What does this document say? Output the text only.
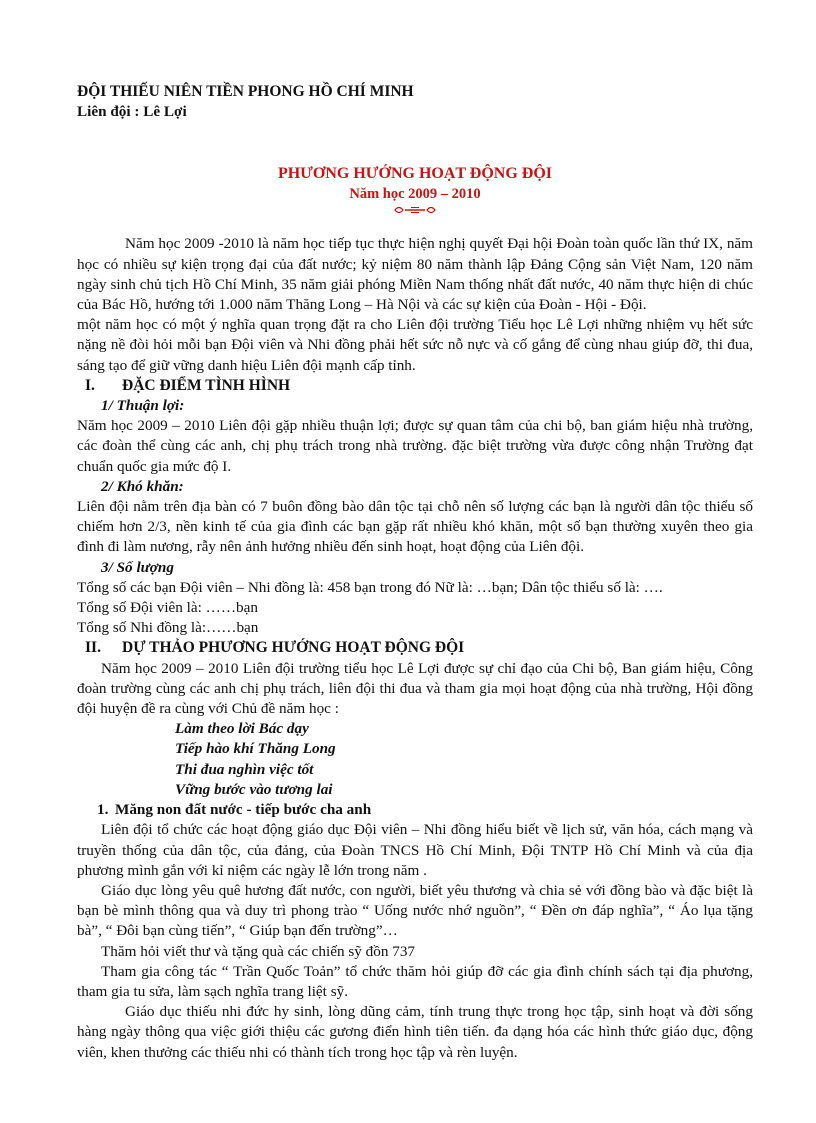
ĐỘI THIẾU NIÊN TIỀN PHONG HỒ CHÍ MINH

Liên đội : Lê Lợi

PHƯƠNG HƯỚNG HOẠT ĐỘNG ĐỘI

Năm học 2009 – 2010

Năm học 2009 -2010 là năm học tiếp tục thực hiện nghị quyết Đại hội Đoàn toàn quốc lần thứ IX, năm học có nhiều sự kiện trọng đại của đất nước; kỷ niệm 80 năm thành lập Đảng Cộng sản Việt Nam, 120 năm ngày sinh chủ tịch Hồ Chí Minh, 35 năm giải phóng Miền Nam thống nhất đất nước, 40 năm thực hiện di chúc của Bác Hồ, hướng tới 1.000 năm Thăng Long – Hà Nội và các sự kiện của Đoàn - Hội - Đội.

một năm học có một ý nghĩa quan trọng đặt ra cho Liên đội trường Tiểu học Lê Lợi những nhiệm vụ hết sức nặng nề đòi hỏi mỗi bạn Đội viên và Nhi đồng phải hết sức nỗ nực và cố gắng để cùng nhau giúp đỡ, thi đua, sáng tạo để giữ vững danh hiệu Liên đội mạnh cấp tỉnh.

I. ĐẶC ĐIỂM TÌNH HÌNH

1/ Thuận lợi:

Năm học 2009 – 2010 Liên đội gặp nhiều thuận lợi; được sự quan tâm của chi bộ, ban giám hiệu nhà trường, các đoàn thể cùng các anh, chị phụ trách trong nhà trường. đặc biệt trường vừa được công nhận Trường đạt chuẩn quốc gia mức độ I.

2/ Khó khăn:

Liên đội nằm trên địa bàn có 7 buôn đồng bào dân tộc tại chỗ nên số lượng các bạn là người dân tộc thiểu số chiếm hơn 2/3, nền kinh tế của gia đình các bạn gặp rất nhiều khó khăn, một số bạn thường xuyên theo gia đình đi làm nương, rẫy nên ảnh hưởng nhiều đến sinh hoạt, hoạt động của Liên đội.

3/ Số lượng

Tổng số các bạn Đội viên – Nhi đồng là: 458 bạn trong đó Nữ là: …bạn; Dân tộc thiểu số là: ….

Tổng số Đội viên là: ……bạn

Tổng số Nhi đồng là:……bạn

II. DỰ THẢO PHƯƠNG HƯỚNG HOẠT ĐỘNG ĐỘI

Năm học 2009 – 2010 Liên đội trường tiểu học Lê Lợi được sự chỉ đạo của Chi bộ, Ban giám hiệu, Công đoàn trường cùng các anh chị phụ trách, liên đội thi đua và tham gia mọi hoạt động của nhà trường, Hội đồng đội huyện đề ra cùng với Chủ đề năm học :

Làm theo lời Bác dạy

Tiếp hào khí Thăng Long

Thi đua nghìn việc tốt

Vững bước vào tương lai

1. Măng non đất nước - tiếp bước cha anh

Liên đội tổ chức các hoạt động giáo dục Đội viên – Nhi đồng hiểu biết về lịch sử, văn hóa, cách mạng và truyền thống của dân tộc, của đảng, của Đoàn TNCS Hồ Chí Minh, Đội TNTP Hồ Chí Minh và của địa phương mình gắn với kỉ niệm các ngày lễ lớn trong năm .

Giáo dục lòng yêu quê hương đất nước, con người, biết yêu thương và chia sẻ với đồng bào và đặc biệt là bạn bè mình thông qua và duy trì phong trào “ Uống nước nhớ nguồn”, “ Đền ơn đáp nghĩa”, “ Áo lụa tặng bà”, “ Đôi bạn cùng tiến”, “ Giúp bạn đến trường”…

Thăm hỏi viết thư và tặng quà các chiến sỹ đồn 737

Tham gia công tác “ Trần Quốc Toản” tổ chức thăm hỏi giúp đỡ các gia đình chính sách tại địa phương, tham gia tu sửa, làm sạch nghĩa trang liệt sỹ.

Giáo dục thiếu nhi đức hy sinh, lòng dũng cảm, tính trung thực trong học tập, sinh hoạt và đời sống hàng ngày thông qua việc giới thiệu các gương điển hình tiên tiến. đa dạng hóa các hình thức giáo dục, động viên, khen thưởng các thiếu nhi có thành tích trong học tập và rèn luyện.
